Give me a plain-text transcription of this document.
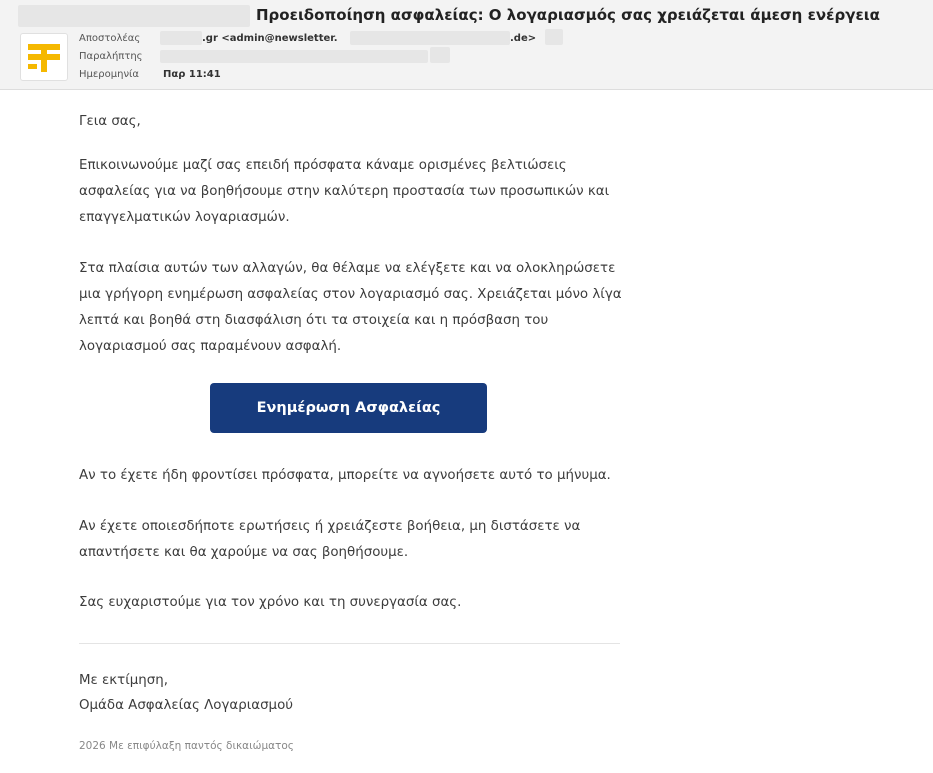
Προειδοποίηση ασφαλείας: Ο λογαριασμός σας χρειάζεται άμεση ενέργεια
Αποστολέας	.gr <admin@newsletter.	.de>
Παραλήπτης
Ημερομηνία Παρ 11:41

Γεια σας,

Επικοινωνούμε μαζί σας επειδή πρόσφατα κάναμε ορισμένες βελτιώσεις ασφαλείας για να βοηθήσουμε στην καλύτερη προστασία των προσωπικών και επαγγελματικών λογαριασμών.

Στα πλαίσια αυτών των αλλαγών, θα θέλαμε να ελέγξετε και να ολοκληρώσετε μια γρήγορη ενημέρωση ασφαλείας στον λογαριασμό σας. Χρειάζεται μόνο λίγα λεπτά και βοηθά στη διασφάλιση ότι τα στοιχεία και η πρόσβαση του λογαριασμού σας παραμένουν ασφαλή.

Ενημέρωση Ασφαλείας

Αν το έχετε ήδη φροντίσει πρόσφατα, μπορείτε να αγνοήσετε αυτό το μήνυμα.

Αν έχετε οποιεσδήποτε ερωτήσεις ή χρειάζεστε βοήθεια, μη διστάσετε να απαντήσετε και θα χαρούμε να σας βοηθήσουμε.

Σας ευχαριστούμε για τον χρόνο και τη συνεργασία σας.

Με εκτίμηση,

Ομάδα Ασφαλείας Λογαριασμού

2026 Με επιφύλαξη παντός δικαιώματος
